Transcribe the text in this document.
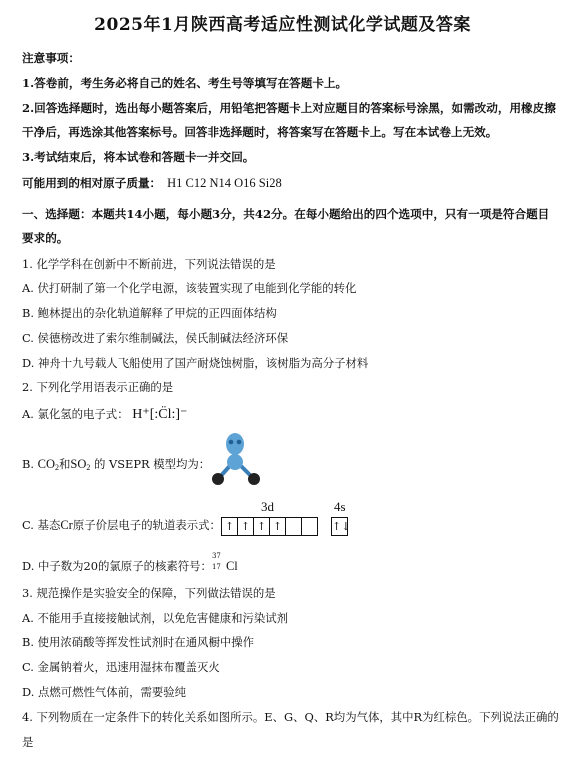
2025年1月陕西高考适应性测试化学试题及答案
注意事项：
1.答卷前，考生务必将自己的姓名、考生号等填写在答题卡上。
2.回答选择题时，选出每小题答案后，用铅笔把答题卡上对应题目的答案标号涂黑，如需改动，用橡皮擦
干净后，再选涂其他答案标号。回答非选择题时，将答案写在答题卡上。写在本试卷上无效。
3.考试结束后，将本试卷和答题卡一并交回。
可能用到的相对原子质量： H1 C12 N14 O16 Si28
一、选择题：本题共14小题，每小题3分，共42分。在每小题给出的四个选项中，只有一项是符合题目
要求的。
1. 化学学科在创新中不断前进，下列说法错误的是
A. 伏打研制了第一个化学电源，该装置实现了电能到化学能的转化
B. 鲍林提出的杂化轨道解释了甲烷的正四面体结构
C. 侯德榜改进了索尔维制碱法，侯氏制碱法经济环保
D. 神舟十九号载人飞船使用了国产耐烧蚀树脂，该树脂为高分子材料
2. 下列化学用语表示正确的是
A. 氯化氢的电子式： H⁺[:C̈l:]⁻
B. $CO_2$和$SO_2$ 的 VSEPR 模型均为：
C. 基态Cr原子价层电子的轨道表示式：
3d	4s
↑ ↑ ↑ ↑	↑↓
D. 中子数为20的氯原子的核素符号：
37
17 Cl
3. 规范操作是实验安全的保障，下列做法错误的是
A. 不能用手直接接触试剂，以免危害健康和污染试剂
B. 使用浓硝酸等挥发性试剂时在通风橱中操作
C. 金属钠着火，迅速用湿抹布覆盖灭火
D. 点燃可燃性气体前，需要验纯
4. 下列物质在一定条件下的转化关系如图所示。E、G、Q、R均为气体，其中R为红棕色。下列说法正确的
是
